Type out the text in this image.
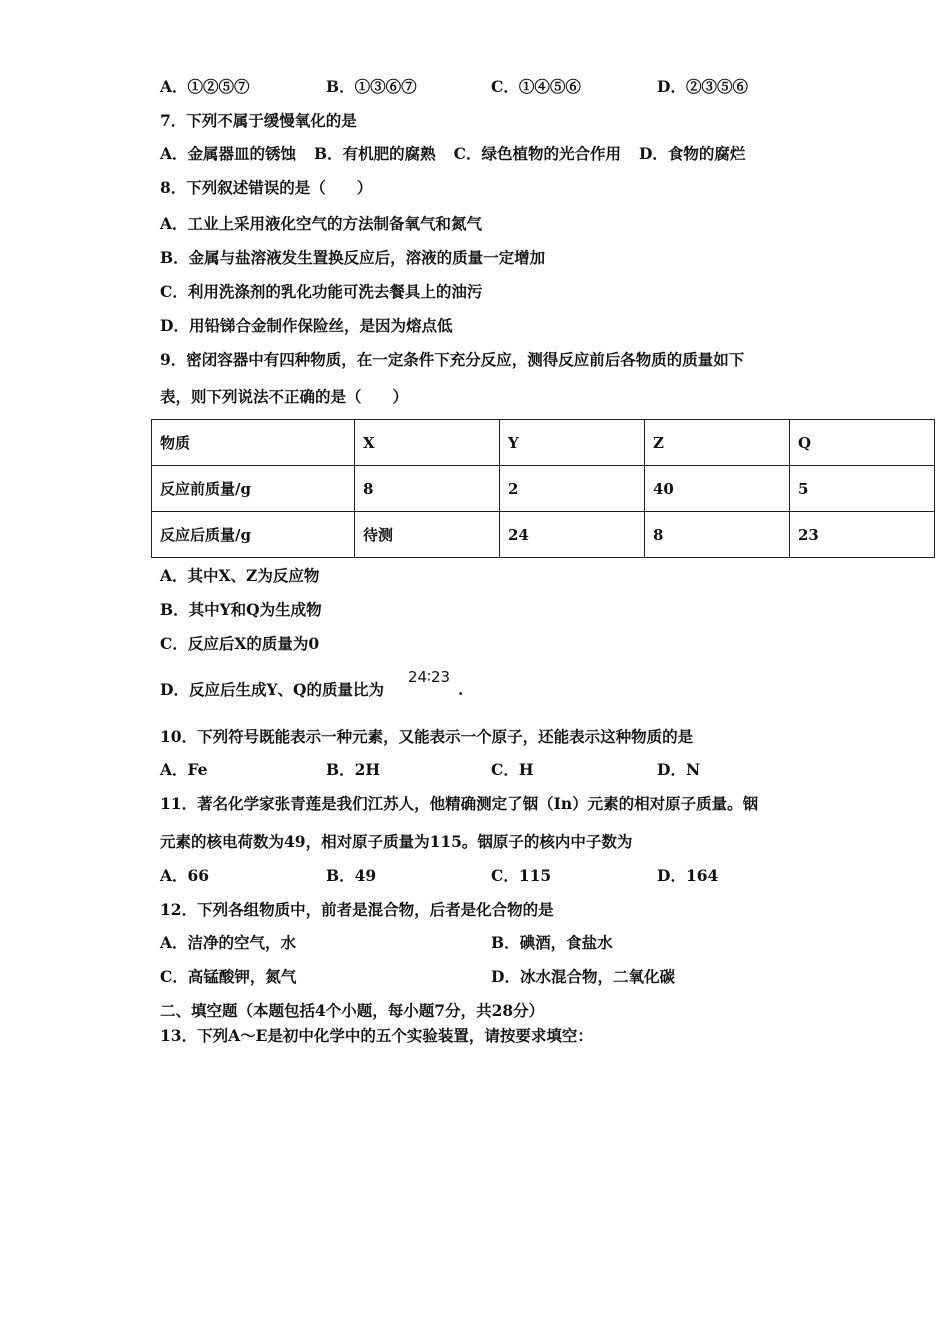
A．①②⑤⑦	B．①③⑥⑦	C．①④⑤⑥	D．②③⑤⑥
7．下列不属于缓慢氧化的是
A．金属器皿的锈蚀 B．有机肥的腐熟 C．绿色植物的光合作用 D．食物的腐烂
8．下列叙述错误的是（　　）
A．工业上采用液化空气的方法制备氧气和氮气
B．金属与盐溶液发生置换反应后，溶液的质量一定增加
C．利用洗涤剂的乳化功能可洗去餐具上的油污
D．用铅锑合金制作保险丝，是因为熔点低
9．密闭容器中有四种物质，在一定条件下充分反应，测得反应前后各物质的质量如下
表，则下列说法不正确的是（　　）
物质	X	Y	Z	Q
反应前质量/g	8	2	40	5
反应后质量/g	待测	24	8	23
A．其中X、Z为反应物
B．其中Y和Q为生成物
C．反应后X的质量为0
D．反应后生成Y、Q的质量比为
24∶23
.
10．下列符号既能表示一种元素，又能表示一个原子，还能表示这种物质的是
A．Fe	B．2H	C．H	D．N
11．著名化学家张青莲是我们江苏人，他精确测定了铟（In）元素的相对原子质量。铟
元素的核电荷数为49，相对原子质量为115。铟原子的核内中子数为
A．66	B．49	C．115	D．164
12．下列各组物质中，前者是混合物，后者是化合物的是
A．洁净的空气，水	B．碘酒，食盐水
C．高锰酸钾，氮气	D．冰水混合物，二氧化碳
二、填空题（本题包括4个小题，每小题7分，共28分）
13．下列A～E是初中化学中的五个实验装置，请按要求填空：
